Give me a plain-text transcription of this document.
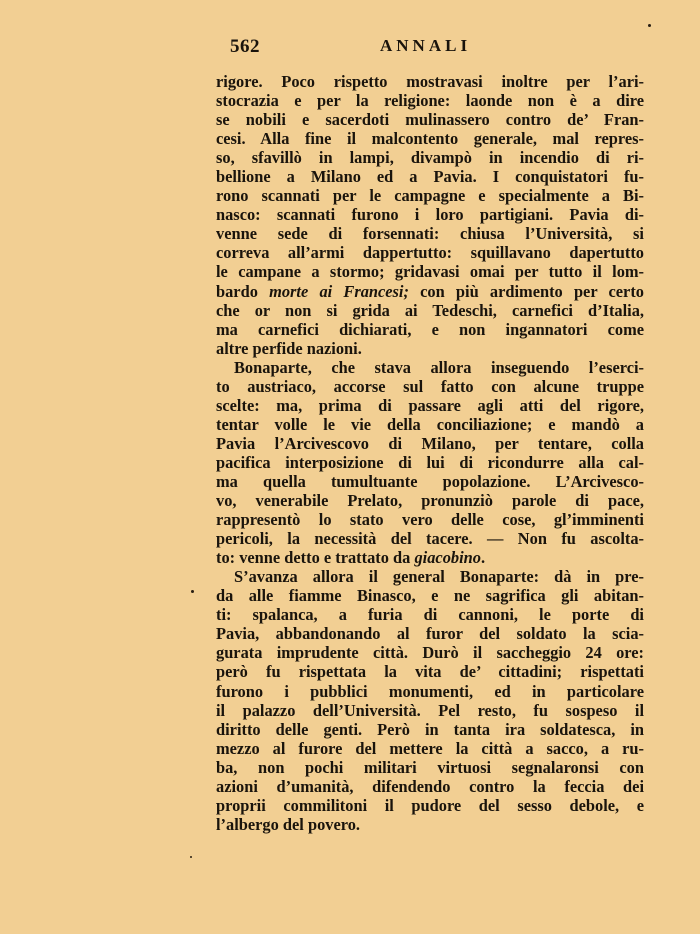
562	ANNALI
rigore. Poco rispetto mostravasi inoltre per l’ari-
stocrazia e per la religione: laonde non è a dire
se nobili e sacerdoti mulinassero contro de’ Fran-
cesi. Alla fine il malcontento generale, mal repres-
so, sfavillò in lampi, divampò in incendio di ri-
bellione a Milano ed a Pavia. I conquistatori fu-
rono scannati per le campagne e specialmente a Bi-
nasco: scannati furono i loro partigiani. Pavia di-
venne sede di forsennati: chiusa l’Università, si
correva all’armi dappertutto: squillavano dapertutto
le campane a stormo; gridavasi omai per tutto il lom-
bardo morte ai Francesi; con più ardimento per certo
che or non si grida ai Tedeschi, carnefici d’Italia,
ma carnefici dichiarati, e non ingannatori come
altre perfide nazioni.
Bonaparte, che stava allora inseguendo l’eserci-
to austriaco, accorse sul fatto con alcune truppe
scelte: ma, prima di passare agli atti del rigore,
tentar volle le vie della conciliazione; e mandò a
Pavia l’Arcivescovo di Milano, per tentare, colla
pacifica interposizione di lui di ricondurre alla cal-
ma quella tumultuante popolazione. L’Arcivesco-
vo, venerabile Prelato, pronunziò parole di pace,
rappresentò lo stato vero delle cose, gl’imminenti
pericoli, la necessità del tacere. — Non fu ascolta-
to: venne detto e trattato da giacobino.
S’avanza allora il general Bonaparte: dà in pre-
da alle fiamme Binasco, e ne sagrifica gli abitan-
ti: spalanca, a furia di cannoni, le porte di
Pavia, abbandonando al furor del soldato la scia-
gurata imprudente città. Durò il saccheggio 24 ore:
però fu rispettata la vita de’ cittadini; rispettati
furono i pubblici monumenti, ed in particolare
il palazzo dell’Università. Pel resto, fu sospeso il
diritto delle genti. Però in tanta ira soldatesca, in
mezzo al furore del mettere la città a sacco, a ru-
ba, non pochi militari virtuosi segnalaronsi con
azioni d’umanità, difendendo contro la feccia dei
proprii commilitoni il pudore del sesso debole, e
l’albergo del povero.
